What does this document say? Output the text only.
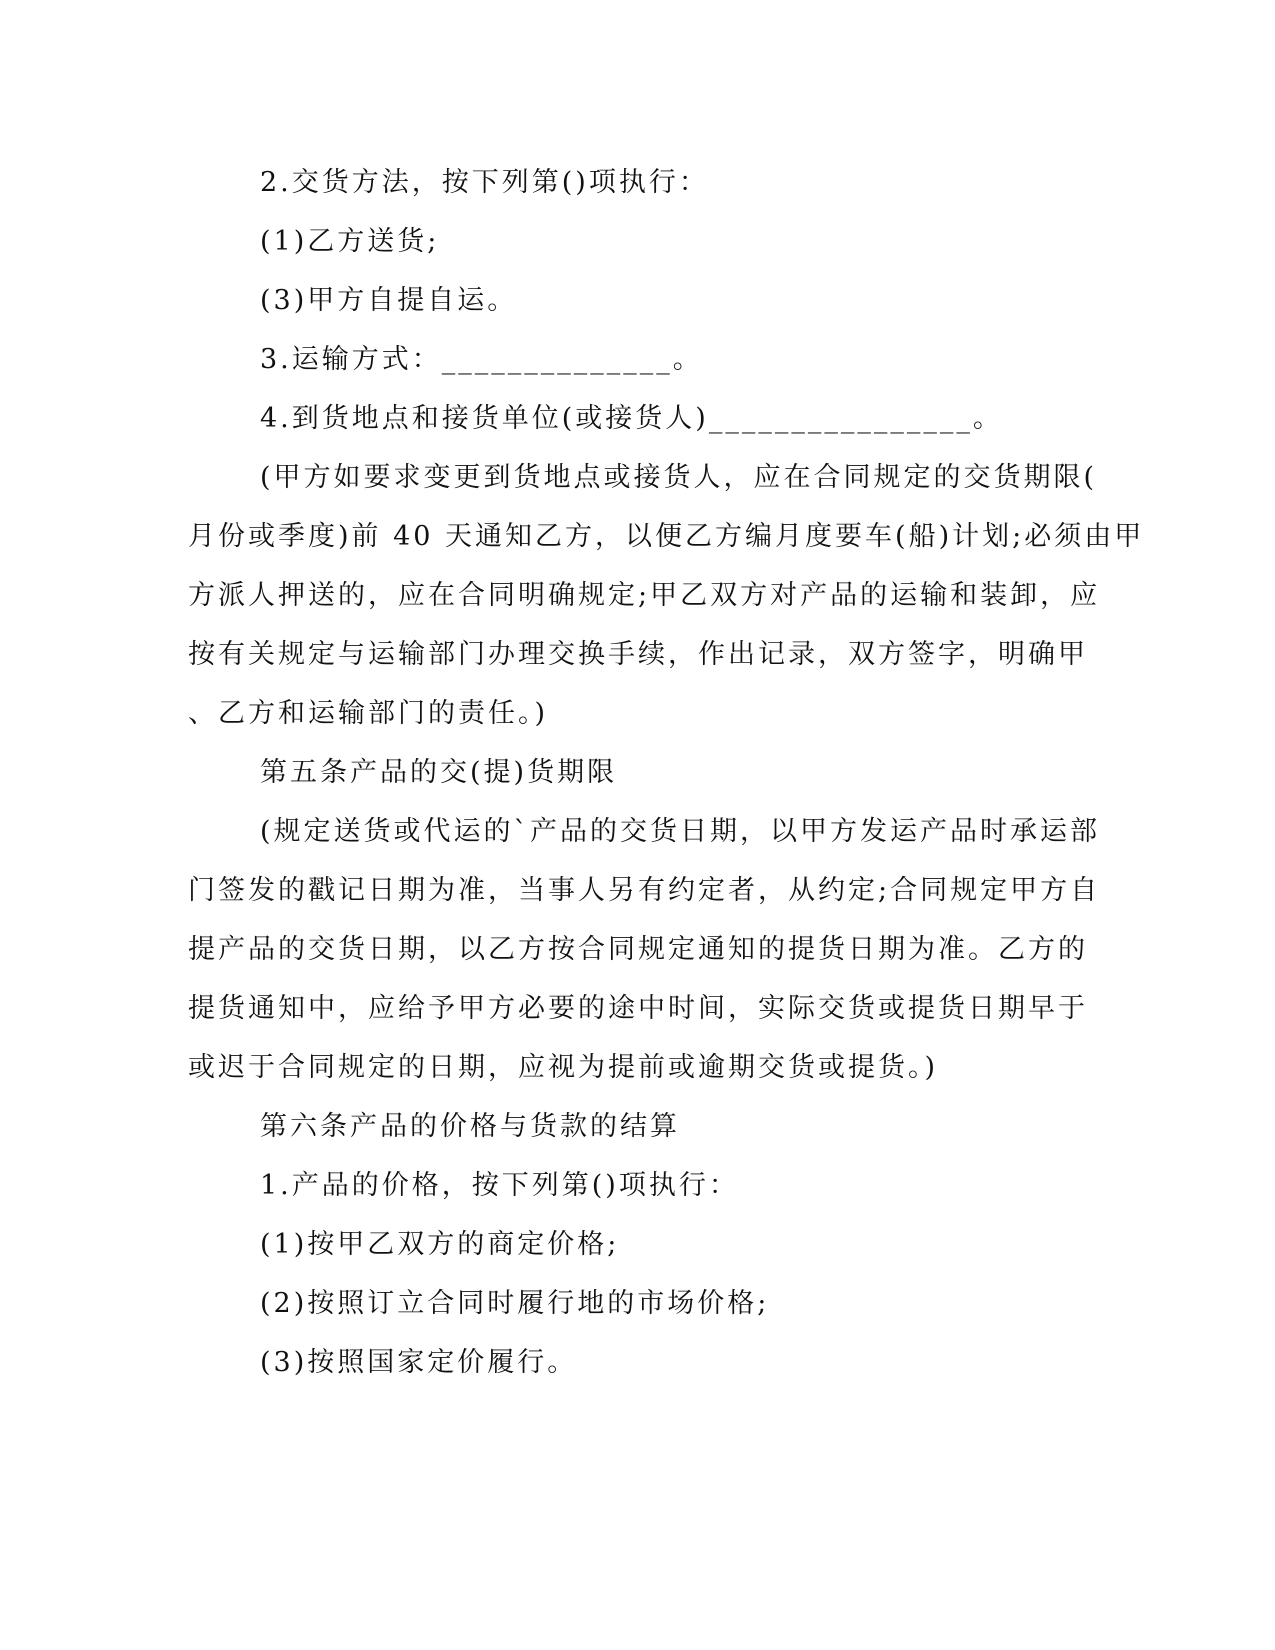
2.交货方法，按下列第()项执行：
(1)乙方送货;
(3)甲方自提自运。
3.运输方式：______________。
4.到货地点和接货单位(或接货人)________________。
(甲方如要求变更到货地点或接货人，应在合同规定的交货期限(
月份或季度)前 40 天通知乙方，以便乙方编月度要车(船)计划;必须由甲
方派人押送的，应在合同明确规定;甲乙双方对产品的运输和装卸，应
按有关规定与运输部门办理交换手续，作出记录，双方签字，明确甲
、乙方和运输部门的责任。)
第五条产品的交(提)货期限
(规定送货或代运的`产品的交货日期，以甲方发运产品时承运部
门签发的戳记日期为准，当事人另有约定者，从约定;合同规定甲方自
提产品的交货日期，以乙方按合同规定通知的提货日期为准。乙方的
提货通知中，应给予甲方必要的途中时间，实际交货或提货日期早于
或迟于合同规定的日期，应视为提前或逾期交货或提货。)
第六条产品的价格与货款的结算
1.产品的价格，按下列第()项执行：
(1)按甲乙双方的商定价格;
(2)按照订立合同时履行地的市场价格;
(3)按照国家定价履行。
